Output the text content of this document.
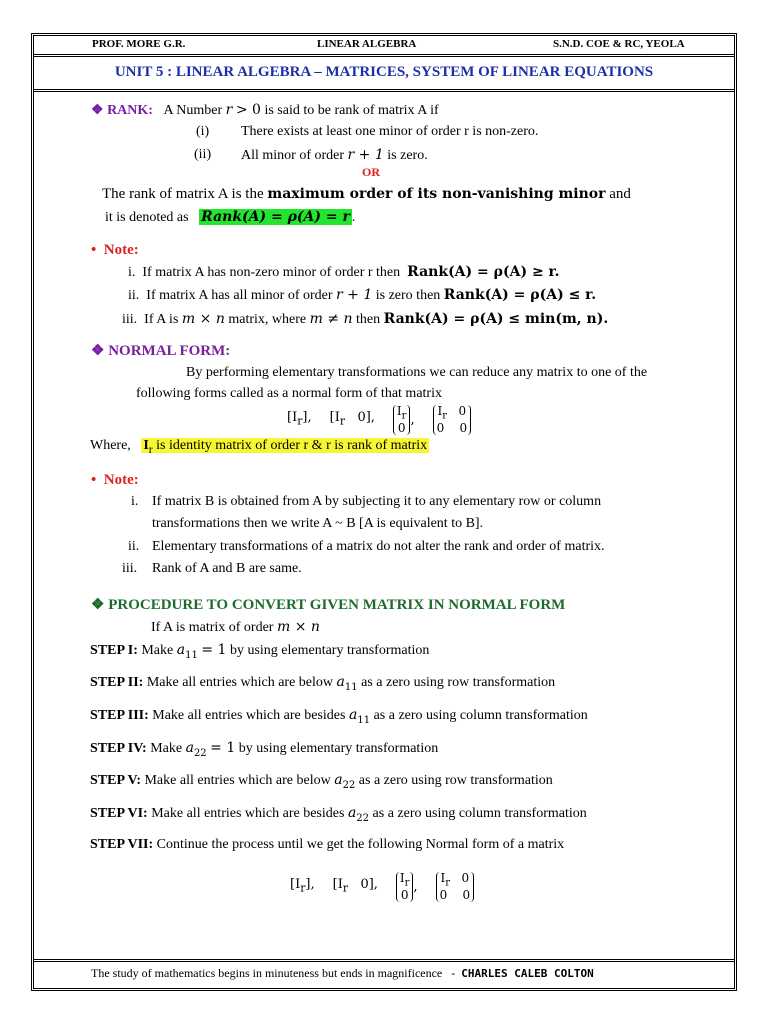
PROF. MORE G.R.	LINEAR ALGEBRA	S.N.D. COE & RC, YEOLA
UNIT 5 : LINEAR ALGEBRA – MATRICES, SYSTEM OF LINEAR EQUATIONS
❖ RANK: A Number r > 0 is said to be rank of matrix A if
(i) There exists at least one minor of order r is non-zero.
(ii) All minor of order r + 1 is zero.
OR
The rank of matrix A is the maximum order of its non-vanishing minor and
it is denoted as Rank(A) = ρ(A) = r .
• Note:
i. If matrix A has non-zero minor of order r then Rank(A) = ρ(A) ≥ r.
ii. If matrix A has all minor of order r + 1 is zero then Rank(A) = ρ(A) ≤ r.
iii. If A is m × n matrix, where m ≠ n then Rank(A) = ρ(A) ≤ min(m, n).
❖ NORMAL FORM:
By performing elementary transformations we can reduce any matrix to one of the
following forms called as a normal form of that matrix
$[I_r]$, [$I_r$ 0],	$I_r$
0,
$I_r$ 0
0 0
Where, $I_r$ is identity matrix of order r & r is rank of matrix
• Note:
i. If matrix B is obtained from A by subjecting it to any elementary row or column
transformations then we write A ~ B [A is equivalent to B].
ii. Elementary transformations of a matrix do not alter the rank and order of matrix.
iii. Rank of A and B are same.
❖ PROCEDURE TO CONVERT GIVEN MATRIX IN NORMAL FORM
If A is matrix of order m × n
STEP I: Make $a_{11} = 1$ by using elementary transformation
STEP II: Make all entries which are below $a_{11}$ as a zero using row transformation
STEP III: Make all entries which are besides $a_{11}$ as a zero using column transformation
STEP IV: Make $a_{22} = 1$ by using elementary transformation
STEP V: Make all entries which are below $a_{22}$ as a zero using row transformation
STEP VI: Make all entries which are besides $a_{22}$ as a zero using column transformation
STEP VII: Continue the process until we get the following Normal form of a matrix
$[I_r]$, [$I_r$ 0],	$I_r$
0,
$I_r$ 0
0 0
The study of mathematics begins in minuteness but ends in magnificence - CHARLES CALEB COLTON
